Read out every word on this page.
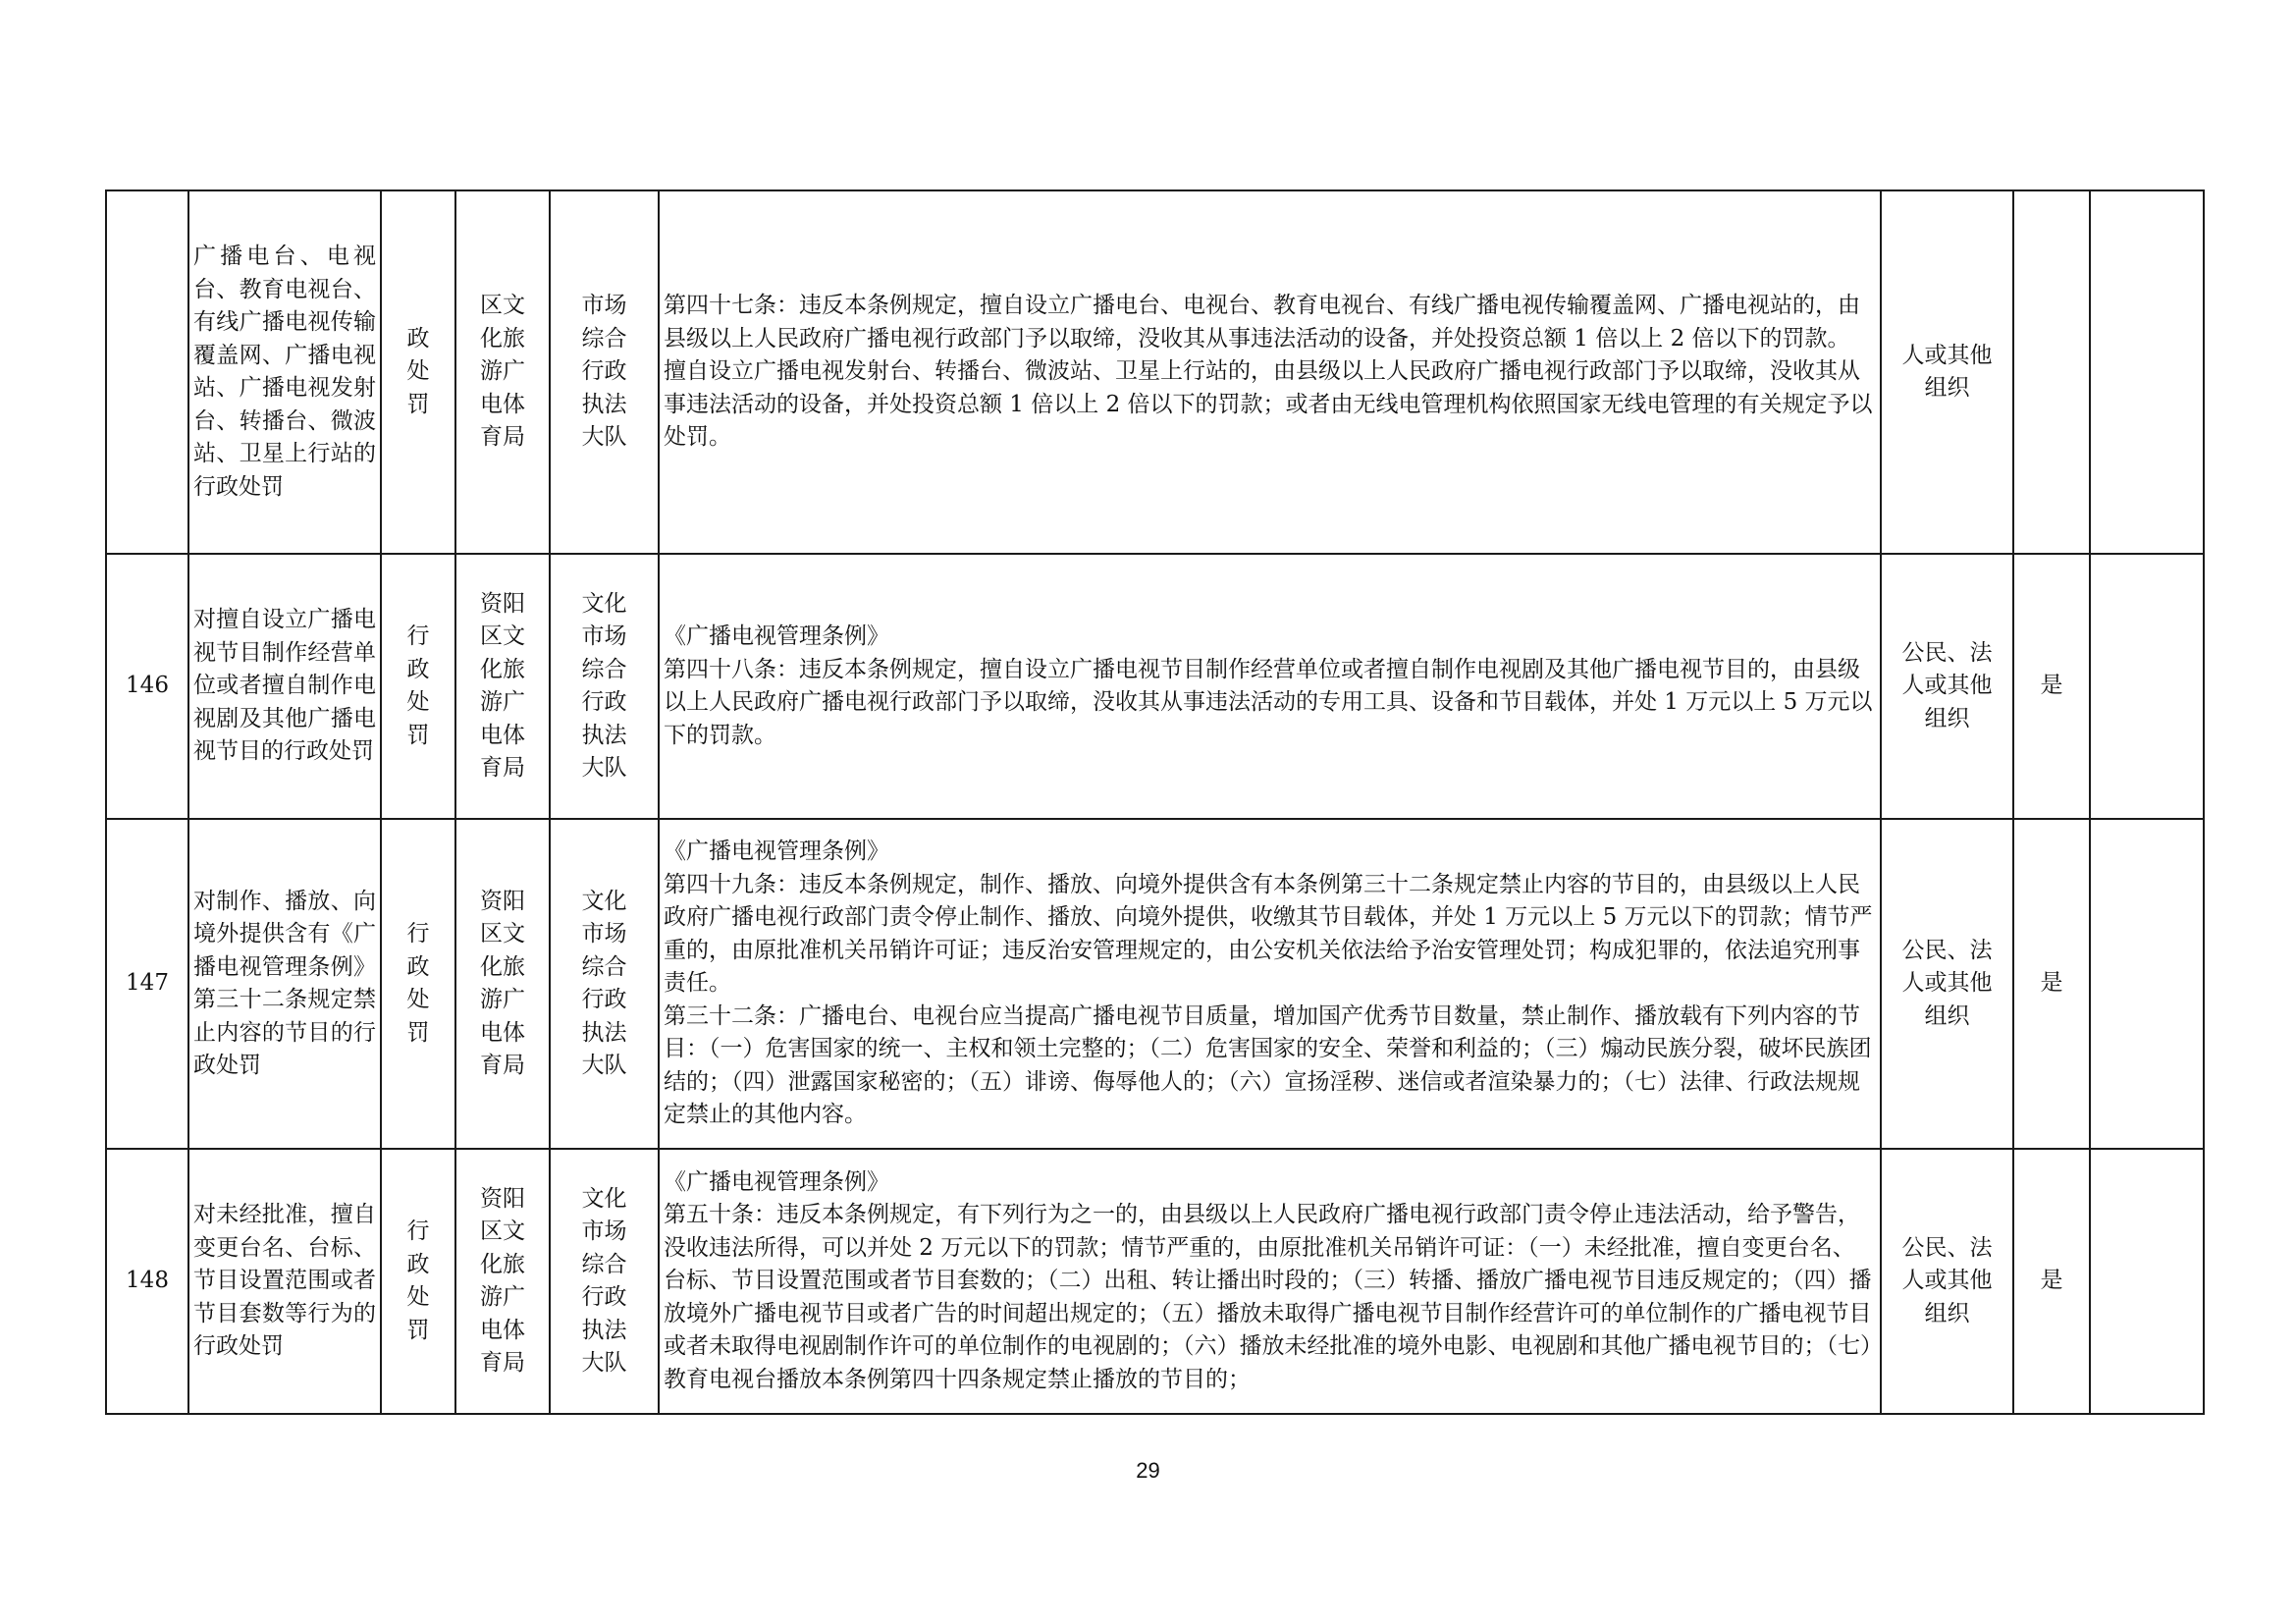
	广播电台、电视台、教育电视台、有线广播电视传输覆盖网、广播电视站、广播电视发射台、转播台、微波站、卫星上行站的行政处罚	政处罚	区文化旅游广电体育局	市场综合行政执法大队	第四十七条：违反本条例规定，擅自设立广播电台、电视台、教育电视台、有线广播电视传输覆盖网、广播电视站的，由县级以上人民政府广播电视行政部门予以取缔，没收其从事违法活动的设备，并处投资总额 1 倍以上 2 倍以下的罚款。
擅自设立广播电视发射台、转播台、微波站、卫星上行站的，由县级以上人民政府广播电视行政部门予以取缔，没收其从事违法活动的设备，并处投资总额 1 倍以上 2 倍以下的罚款；或者由无线电管理机构依照国家无线电管理的有关规定予以处罚。	人或其他组织		
146	对擅自设立广播电视节目制作经营单位或者擅自制作电视剧及其他广播电视节目的行政处罚	行政处罚	资阳区文化旅游广电体育局	文化市场综合行政执法大队	《广播电视管理条例》
第四十八条：违反本条例规定，擅自设立广播电视节目制作经营单位或者擅自制作电视剧及其他广播电视节目的，由县级以上人民政府广播电视行政部门予以取缔，没收其从事违法活动的专用工具、设备和节目载体，并处 1 万元以上 5 万元以下的罚款。	公民、法人或其他组织	是	
147	对制作、播放、向境外提供含有《广播电视管理条例》第三十二条规定禁止内容的节目的行政处罚	行政处罚	资阳区文化旅游广电体育局	文化市场综合行政执法大队	《广播电视管理条例》
第四十九条：违反本条例规定，制作、播放、向境外提供含有本条例第三十二条规定禁止内容的节目的，由县级以上人民政府广播电视行政部门责令停止制作、播放、向境外提供，收缴其节目载体，并处 1 万元以上 5 万元以下的罚款；情节严重的，由原批准机关吊销许可证；违反治安管理规定的，由公安机关依法给予治安管理处罚；构成犯罪的，依法追究刑事责任。
第三十二条：广播电台、电视台应当提高广播电视节目质量，增加国产优秀节目数量，禁止制作、播放载有下列内容的节目：（一）危害国家的统一、主权和领土完整的；（二）危害国家的安全、荣誉和利益的；（三）煽动民族分裂，破坏民族团结的；（四）泄露国家秘密的；（五）诽谤、侮辱他人的；（六）宣扬淫秽、迷信或者渲染暴力的；（七）法律、行政法规规定禁止的其他内容。	公民、法人或其他组织	是	
148	对未经批准，擅自变更台名、台标、节目设置范围或者节目套数等行为的行政处罚	行政处罚	资阳区文化旅游广电体育局	文化市场综合行政执法大队	《广播电视管理条例》
第五十条：违反本条例规定，有下列行为之一的，由县级以上人民政府广播电视行政部门责令停止违法活动，给予警告，没收违法所得，可以并处 2 万元以下的罚款；情节严重的，由原批准机关吊销许可证：（一）未经批准，擅自变更台名、台标、节目设置范围或者节目套数的；（二）出租、转让播出时段的；（三）转播、播放广播电视节目违反规定的；（四）播放境外广播电视节目或者广告的时间超出规定的；（五）播放未取得广播电视节目制作经营许可的单位制作的广播电视节目或者未取得电视剧制作许可的单位制作的电视剧的；（六）播放未经批准的境外电影、电视剧和其他广播电视节目的；（七）教育电视台播放本条例第四十四条规定禁止播放的节目的；	公民、法人或其他组织	是	
29
